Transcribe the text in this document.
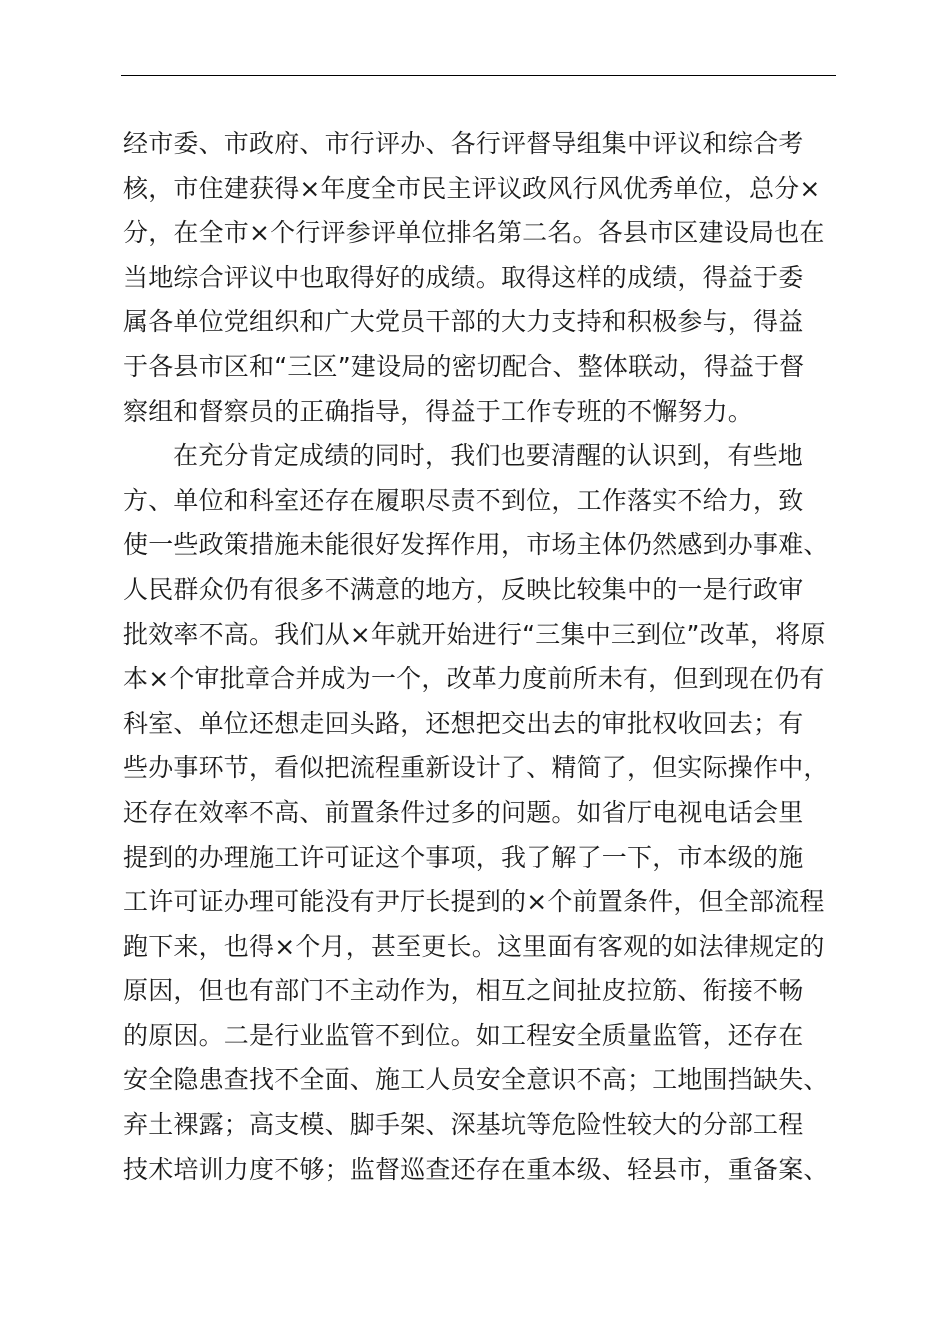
经市委、市政府、市行评办、各行评督导组集中评议和综合考
核，市住建获得×年度全市民主评议政风行风优秀单位，总分×
分，在全市×个行评参评单位排名第二名。各县市区建设局也在
当地综合评议中也取得好的成绩。取得这样的成绩，得益于委
属各单位党组织和广大党员干部的大力支持和积极参与，得益
于各县市区和“三区”建设局的密切配合、整体联动，得益于督
察组和督察员的正确指导，得益于工作专班的不懈努力。
在充分肯定成绩的同时，我们也要清醒的认识到，有些地
方、单位和科室还存在履职尽责不到位，工作落实不给力，致
使一些政策措施未能很好发挥作用，市场主体仍然感到办事难、
人民群众仍有很多不满意的地方，反映比较集中的一是行政审
批效率不高。我们从×年就开始进行“三集中三到位”改革，将原
本×个审批章合并成为一个，改革力度前所未有，但到现在仍有
科室、单位还想走回头路，还想把交出去的审批权收回去；有
些办事环节，看似把流程重新设计了、精简了，但实际操作中，
还存在效率不高、前置条件过多的问题。如省厅电视电话会里
提到的办理施工许可证这个事项，我了解了一下，市本级的施
工许可证办理可能没有尹厅长提到的×个前置条件，但全部流程
跑下来，也得×个月，甚至更长。这里面有客观的如法律规定的
原因，但也有部门不主动作为，相互之间扯皮拉筋、衔接不畅
的原因。二是行业监管不到位。如工程安全质量监管，还存在
安全隐患查找不全面、施工人员安全意识不高；工地围挡缺失、
弃土裸露；高支模、脚手架、深基坑等危险性较大的分部工程
技术培训力度不够；监督巡查还存在重本级、轻县市，重备案、
